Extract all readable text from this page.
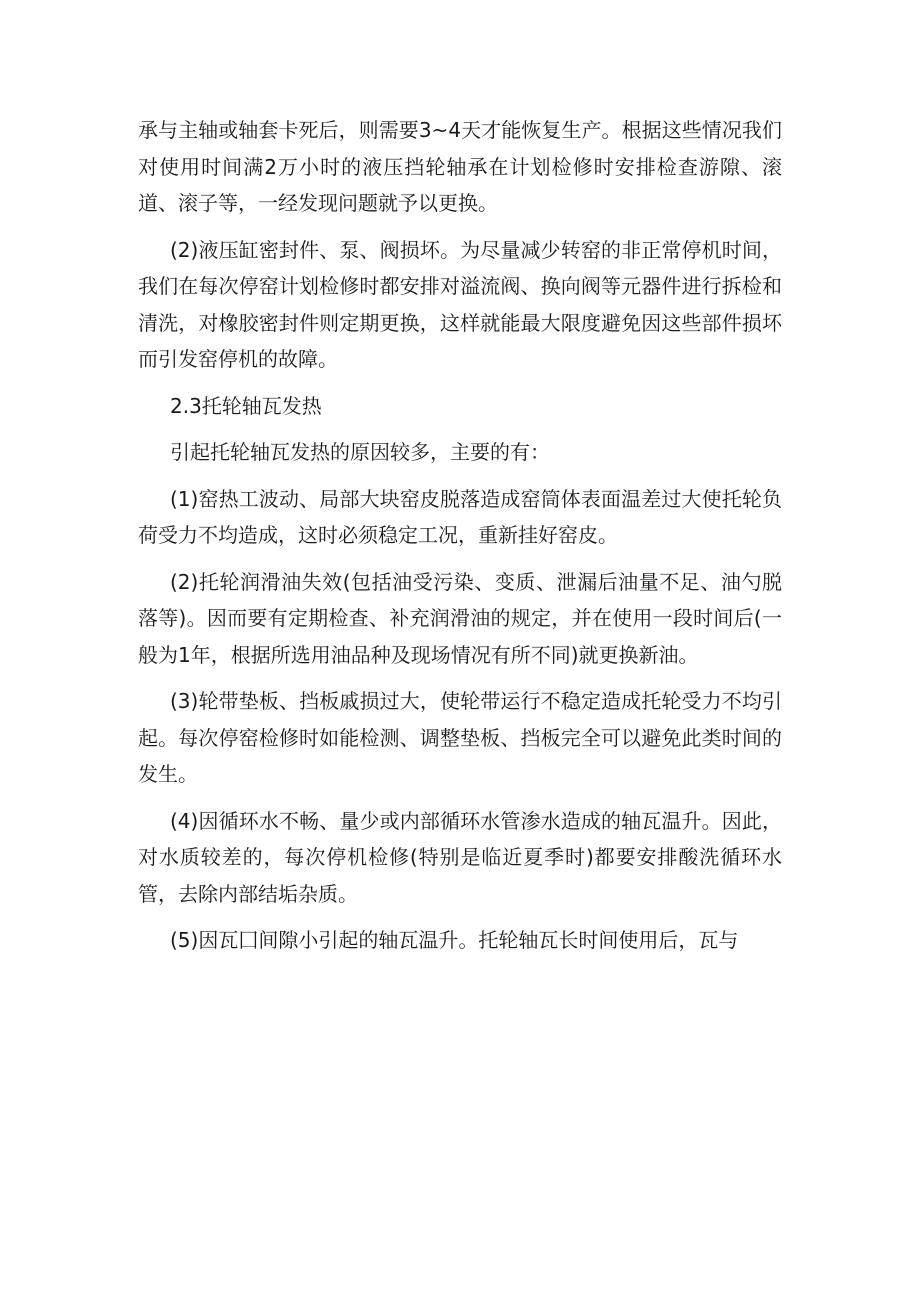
承与主轴或轴套卡死后，则需要3~4天才能恢复生产。根据这些情况我们对使用时间满2万小时的液压挡轮轴承在计划检修时安排检查游隙、滚道、滚子等，一经发现问题就予以更换。

(2)液压缸密封件、泵、阀损坏。为尽量减少转窑的非正常停机时间，我们在每次停窑计划检修时都安排对溢流阀、换向阀等元器件进行拆检和清洗，对橡胶密封件则定期更换，这样就能最大限度避免因这些部件损坏而引发窑停机的故障。

2.3托轮轴瓦发热

引起托轮轴瓦发热的原因较多，主要的有：

(1)窑热工波动、局部大块窑皮脱落造成窑筒体表面温差过大使托轮负荷受力不均造成，这时必须稳定工况，重新挂好窑皮。

(2)托轮润滑油失效(包括油受污染、变质、泄漏后油量不足、油勺脱落等)。因而要有定期检查、补充润滑油的规定，并在使用一段时间后(一般为1年，根据所选用油品种及现场情况有所不同)就更换新油。

(3)轮带垫板、挡板戚损过大，使轮带运行不稳定造成托轮受力不均引起。每次停窑检修时如能检测、调整垫板、挡板完全可以避免此类时间的发生。

(4)因循环水不畅、量少或内部循环水管渗水造成的轴瓦温升。因此，对水质较差的，每次停机检修(特别是临近夏季时)都要安排酸洗循环水管，去除内部结垢杂质。

(5)因瓦囗间隙小引起的轴瓦温升。托轮轴瓦长时间使用后，瓦与
